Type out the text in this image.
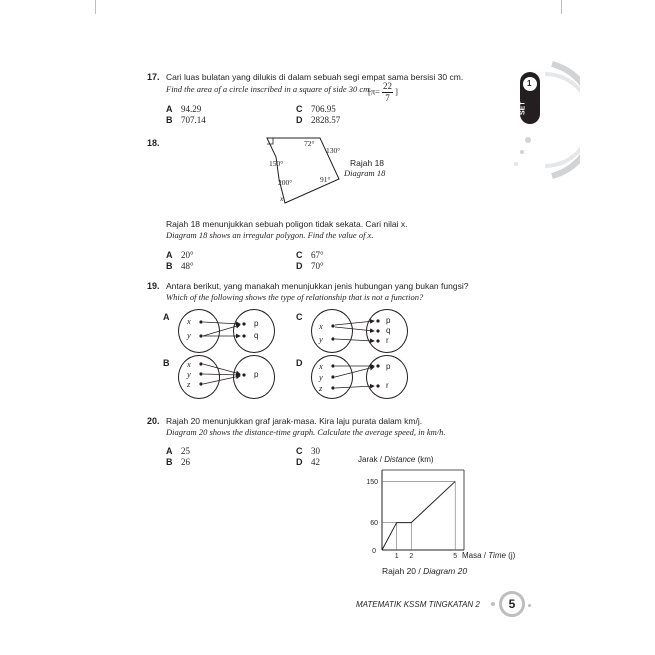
1
SET
17. Cari luas bulatan yang dilukis di dalam sebuah segi empat sama bersisi 30 cm.
Find the area of a circle inscribed in a square of side 30 cm.
[$\pi= \frac{22}{7}$ ]
A 94.29
B 707.14
C 706.95
D 2828.57
18.	72°
130°
150°
200°	91°
x
Rajah 18
Diagram 18
Rajah 18 menunjukkan sebuah poligon tidak sekata. Cari nilai x.
Diagram 18 shows an irregular polygon. Find the value of x.
A 20°
B 48°
C 67°
D 70°
19. Antara berikut, yang manakah menunjukkan jenis hubungan yang bukan fungsi?
Which of the following shows the type of relationship that is not a function?
A x
y
p
q
C
x
y
p
q
r
B x
y
z
p
D x
y
z
p
r
20. Rajah 20 menunjukkan graf jarak-masa. Kira laju purata dalam km/j.
Diagram 20 shows the distance-time graph. Calculate the average speed, in km/h.
A 25
B 26
C 30
D 42	Jarak / Distance (km)
Masa / Time (j)
Rajah 20 / Diagram 20
1 2	5
60
150
0
MATEMATIK KSSM TINGKATAN 2 5
